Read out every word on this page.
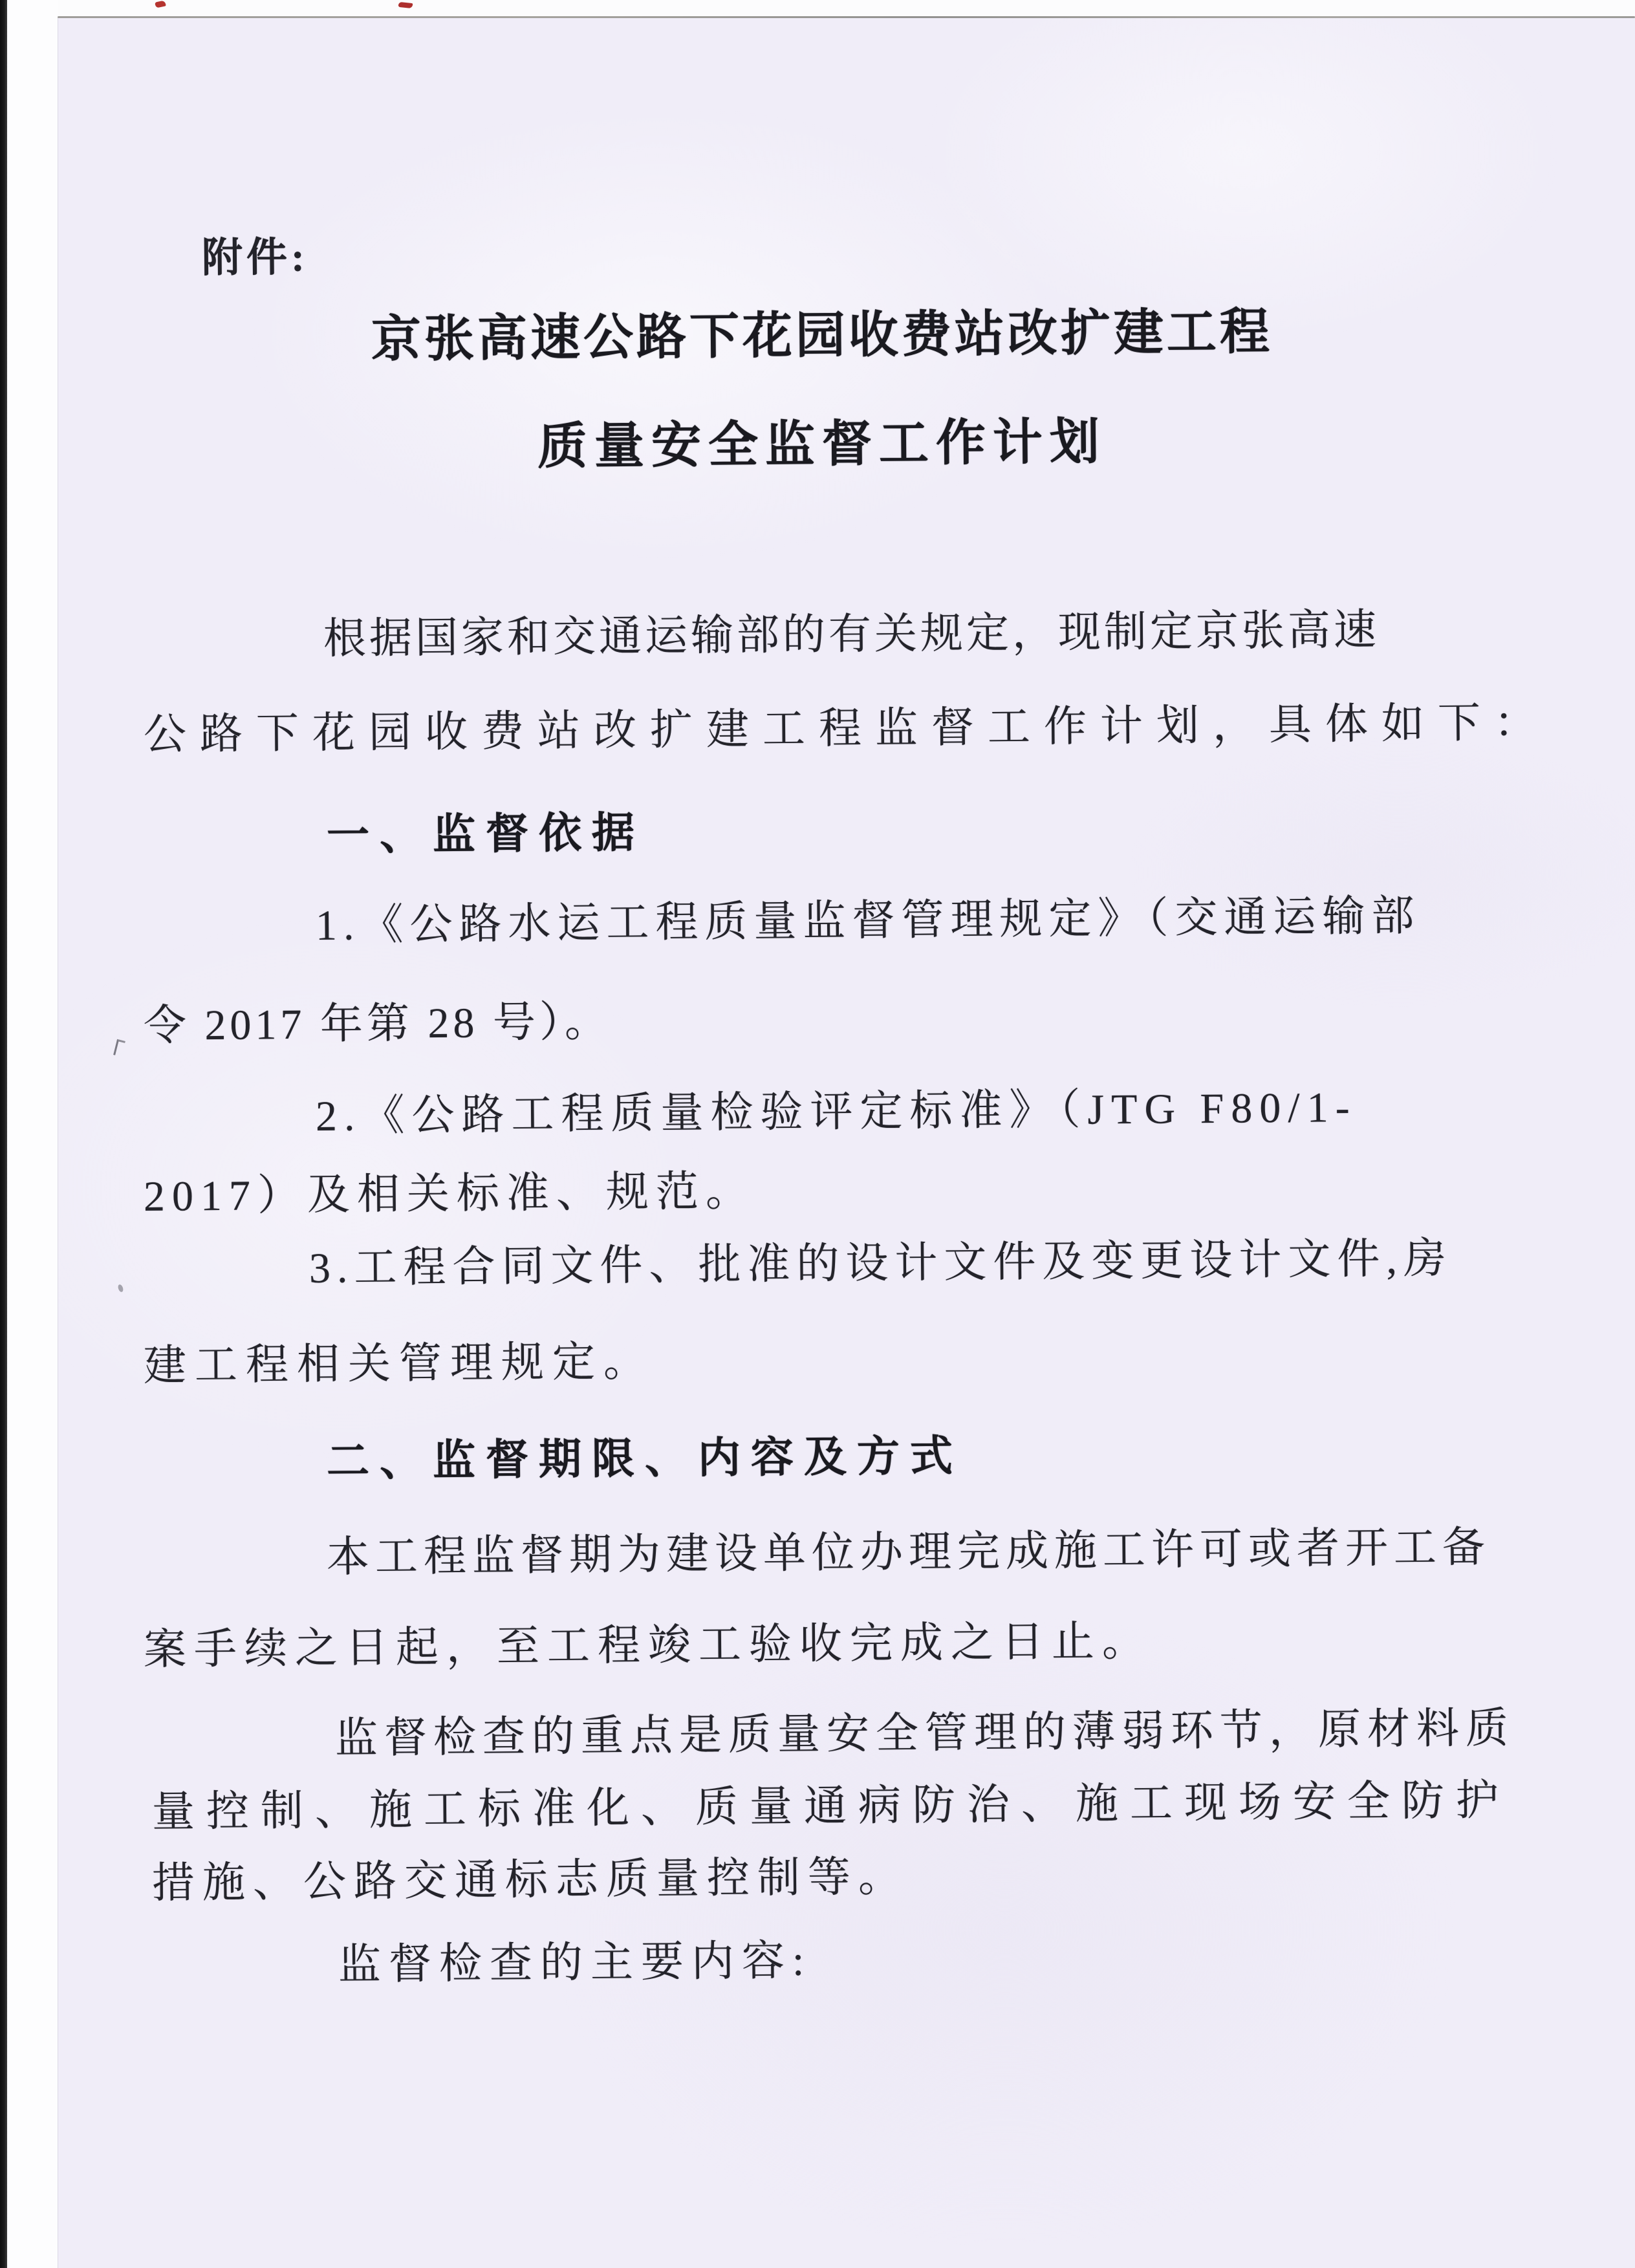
附件:
京张高速公路下花园收费站改扩建工程
质量安全监督工作计划
根据国家和交通运输部的有关规定，现制定京张高速
公路下花园收费站改扩建工程监督工作计划，具体如下：
一、监督依据
1.《公路水运工程质量监督管理规定》（交通运输部
令 2017 年第 28 号）。
2.《公路工程质量检验评定标准》（JTG F80/1-
2017）及相关标准、规范。
3.工程合同文件、批准的设计文件及变更设计文件,房
建工程相关管理规定。
二、监督期限、内容及方式
本工程监督期为建设单位办理完成施工许可或者开工备
案手续之日起，至工程竣工验收完成之日止。
监督检查的重点是质量安全管理的薄弱环节，原材料质
量控制、施工标准化、质量通病防治、施工现场安全防护
措施、公路交通标志质量控制等。
监督检查的主要内容:
